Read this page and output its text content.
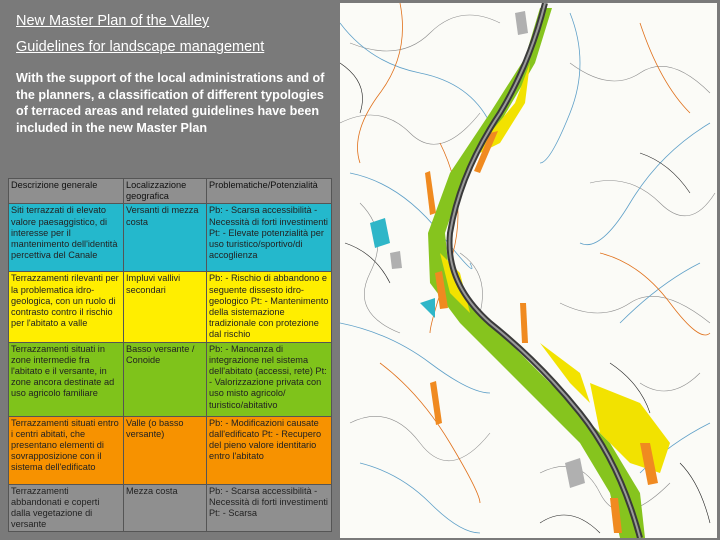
New Master Plan of the Valley
Guidelines for landscape management
With the support of the local administrations and of the planners, a classification of different typologies of terraced areas and related guidelines have been included in the new Master Plan
Descrizione generale	Localizzazione geografica	Problematiche/Potenzialità
Siti terrazzati di elevato valore paesaggistico, di interesse per il mantenimento dell'identità percettiva del Canale	Versanti di mezza costa	Pb: - Scarsa accessibilità - Necessità di forti investimenti Pt: - Elevate potenzialità per uso turistico/sportivo/di accoglienza
Terrazzamenti rilevanti per la problematica idro-geologica, con un ruolo di contrasto contro il rischio per l'abitato a valle	Impluvi vallivi secondari	Pb: - Rischio di abbandono e seguente dissesto idro-geologico Pt: - Mantenimento della sistemazione tradizionale con protezione dal rischio
Terrazzamenti situati in zone intermedie fra l'abitato e il versante, in zone ancora destinate ad uso agricolo familiare	Basso versante / Conoide	Pb: - Mancanza di integrazione nel sistema dell'abitato (accessi, rete) Pt: - Valorizzazione privata con uso misto agricolo/ turistico/abitativo
Terrazzamenti situati entro i centri abitati, che presentano elementi di sovrapposizione con il sistema dell'edificato	Valle (o basso versante)	Pb: - Modificazioni causate dall'edificato Pt: - Recupero del pieno valore identitario entro l'abitato
Terrazzamenti abbandonati e coperti dalla vegetazione di versante	Mezza costa	Pb: - Scarsa accessibilità - Necessità di forti investimenti Pt: - Scarsa
